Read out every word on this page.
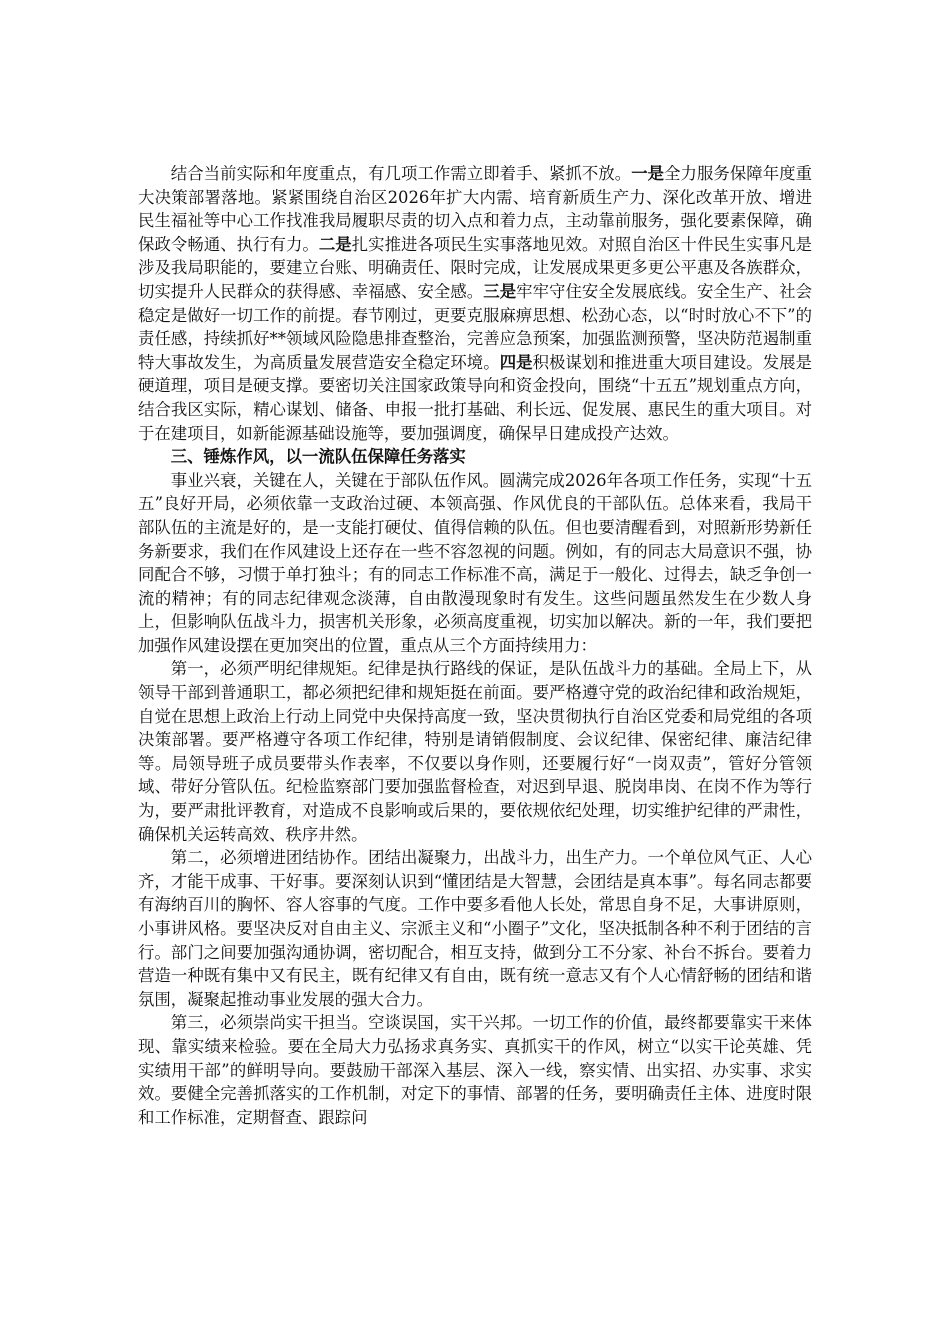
结合当前实际和年度重点，有几项工作需立即着手、紧抓不放。一是全力服务保障年度重大决策部署落地。紧紧围绕自治区2026年扩大内需、培育新质生产力、深化改革开放、增进民生福祉等中心工作找准我局履职尽责的切入点和着力点，主动靠前服务，强化要素保障，确保政令畅通、执行有力。二是扎实推进各项民生实事落地见效。对照自治区十件民生实事凡是涉及我局职能的，要建立台账、明确责任、限时完成，让发展成果更多更公平惠及各族群众，切实提升人民群众的获得感、幸福感、安全感。三是牢牢守住安全发展底线。安全生产、社会稳定是做好一切工作的前提。春节刚过，更要克服麻痹思想、松劲心态，以“时时放心不下”的责任感，持续抓好**领域风险隐患排查整治，完善应急预案，加强监测预警，坚决防范遏制重特大事故发生，为高质量发展营造安全稳定环境。四是积极谋划和推进重大项目建设。发展是硬道理，项目是硬支撑。要密切关注国家政策导向和资金投向，围绕“十五五”规划重点方向，结合我区实际，精心谋划、储备、申报一批打基础、利长远、促发展、惠民生的重大项目。对于在建项目，如新能源基础设施等，要加强调度，确保早日建成投产达效。

三、锤炼作风，以一流队伍保障任务落实

事业兴衰，关键在人，关键在于部队伍作风。圆满完成2026年各项工作任务，实现“十五五”良好开局，必须依靠一支政治过硬、本领高强、作风优良的干部队伍。总体来看，我局干部队伍的主流是好的，是一支能打硬仗、值得信赖的队伍。但也要清醒看到，对照新形势新任务新要求，我们在作风建设上还存在一些不容忽视的问题。例如，有的同志大局意识不强，协同配合不够，习惯于单打独斗；有的同志工作标准不高，满足于一般化、过得去，缺乏争创一流的精神；有的同志纪律观念淡薄，自由散漫现象时有发生。这些问题虽然发生在少数人身上，但影响队伍战斗力，损害机关形象，必须高度重视，切实加以解决。新的一年，我们要把加强作风建设摆在更加突出的位置，重点从三个方面持续用力：

第一，必须严明纪律规矩。纪律是执行路线的保证，是队伍战斗力的基础。全局上下，从领导干部到普通职工，都必须把纪律和规矩挺在前面。要严格遵守党的政治纪律和政治规矩，自觉在思想上政治上行动上同党中央保持高度一致，坚决贯彻执行自治区党委和局党组的各项决策部署。要严格遵守各项工作纪律，特别是请销假制度、会议纪律、保密纪律、廉洁纪律等。局领导班子成员要带头作表率，不仅要以身作则，还要履行好“一岗双责”，管好分管领域、带好分管队伍。纪检监察部门要加强监督检查，对迟到早退、脱岗串岗、在岗不作为等行为，要严肃批评教育，对造成不良影响或后果的，要依规依纪处理，切实维护纪律的严肃性，确保机关运转高效、秩序井然。

第二，必须增进团结协作。团结出凝聚力，出战斗力，出生产力。一个单位风气正、人心齐，才能干成事、干好事。要深刻认识到“懂团结是大智慧，会团结是真本事”。每名同志都要有海纳百川的胸怀、容人容事的气度。工作中要多看他人长处，常思自身不足，大事讲原则，小事讲风格。要坚决反对自由主义、宗派主义和“小圈子”文化，坚决抵制各种不利于团结的言行。部门之间要加强沟通协调，密切配合，相互支持，做到分工不分家、补台不拆台。要着力营造一种既有集中又有民主，既有纪律又有自由，既有统一意志又有个人心情舒畅的团结和谐氛围，凝聚起推动事业发展的强大合力。

第三，必须崇尚实干担当。空谈误国，实干兴邦。一切工作的价值，最终都要靠实干来体现、靠实绩来检验。要在全局大力弘扬求真务实、真抓实干的作风，树立“以实干论英雄、凭实绩用干部”的鲜明导向。要鼓励干部深入基层、深入一线，察实情、出实招、办实事、求实效。要健全完善抓落实的工作机制，对定下的事情、部署的任务，要明确责任主体、进度时限和工作标准，定期督查、跟踪问
